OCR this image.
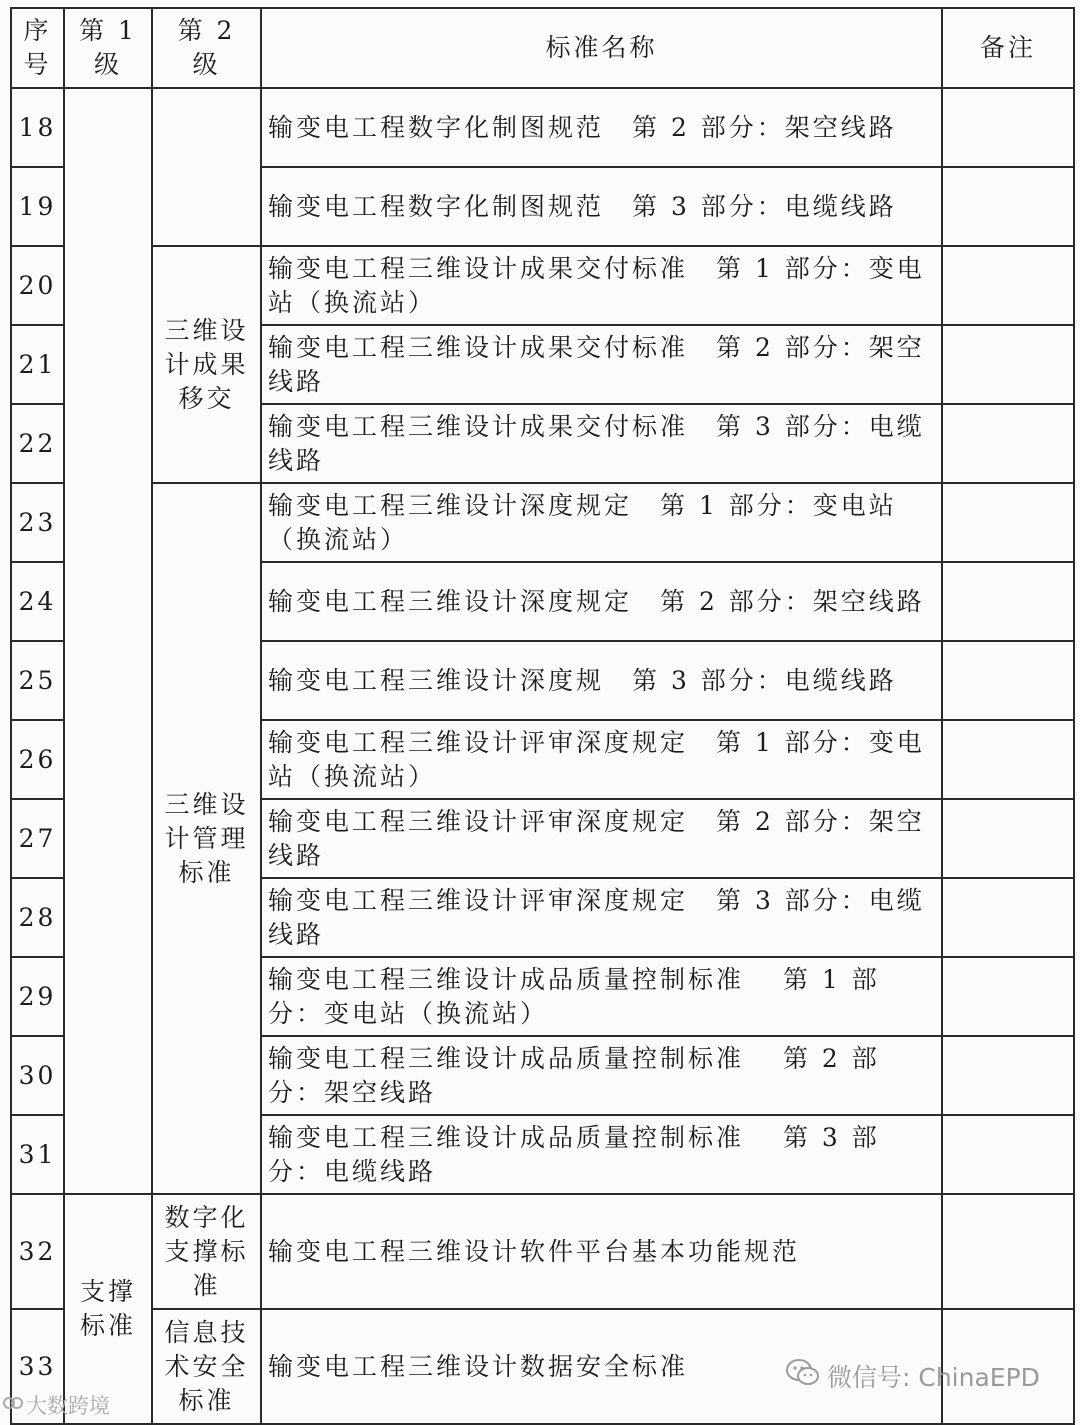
序号	第 1 级	第 2 级	标准名称	备注
18			输变电工程数字化制图规范　第 2 部分：架空线路	
19			输变电工程数字化制图规范　第 3 部分：电缆线路	
20		三维设计成果移交	输变电工程三维设计成果交付标准　第 1 部分：变电站（换流站）	
21			输变电工程三维设计成果交付标准　第 2 部分：架空线路	
22			输变电工程三维设计成果交付标准　第 3 部分：电缆线路	
23		三维设计管理标准	输变电工程三维设计深度规定　第 1 部分：变电站（换流站）	
24			输变电工程三维设计深度规定　第 2 部分：架空线路	
25			输变电工程三维设计深度规　第 3 部分：电缆线路	
26			输变电工程三维设计评审深度规定　第 1 部分：变电站（换流站）	
27			输变电工程三维设计评审深度规定　第 2 部分：架空线路	
28			输变电工程三维设计评审深度规定　第 3 部分：电缆线路	
29			输变电工程三维设计成品质量控制标准　 第 1 部分：变电站（换流站）	
30			输变电工程三维设计成品质量控制标准　 第 2 部分：架空线路	
31			输变电工程三维设计成品质量控制标准　 第 3 部分：电缆线路	
32	支撑标准	数字化支撑标准	输变电工程三维设计软件平台基本功能规范	
33		信息技术安全标准	输变电工程三维设计数据安全标准	
大数跨境
微信号: ChinaEPD
